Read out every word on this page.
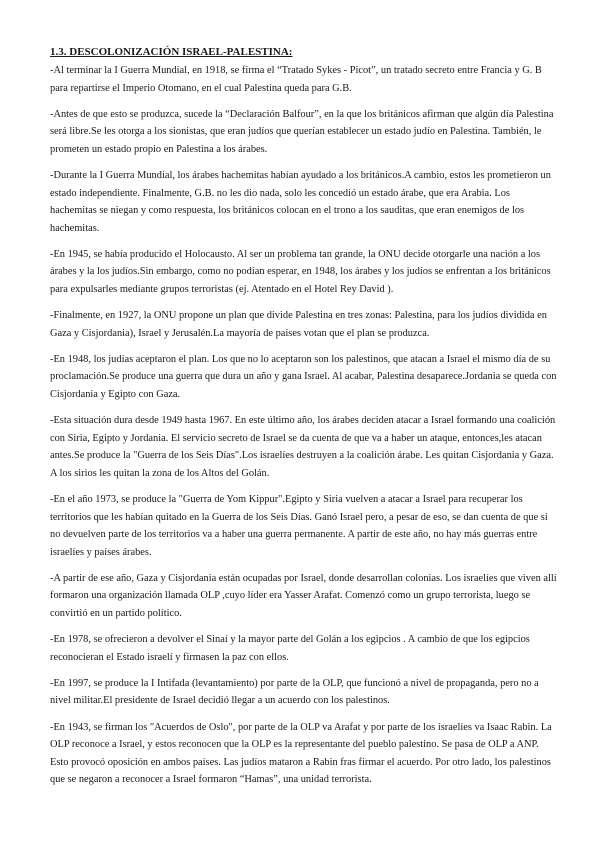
1.3. DESCOLONIZACIÓN ISRAEL-PALESTINA:

-Al terminar la I Guerra Mundial, en 1918, se firma el “Tratado Sykes - Picot”, un tratado secreto entre Francia y G. B para repartirse el Imperio Otomano, en el cual Palestina queda para G.B.

-Antes de que esto se produzca, sucede la “Declaración Balfour”, en la que los británicos afirman que algún día Palestina será libre.Se les otorga a los sionistas, que eran judíos que querían establecer un estado judío en Palestina. También, le prometen un estado propio en Palestina a los árabes.

-Durante la I Guerra Mundial, los árabes hachemitas habían ayudado a los británicos.A cambio, estos les prometieron un estado independiente. Finalmente, G.B. no les dio nada, solo les concedió un estado árabe, que era Arabia. Los hachemitas se niegan y como respuesta, los británicos colocan en el trono a los sauditas, que eran enemigos de los hachemitas.

-En 1945, se había producido el Holocausto. Al ser un problema tan grande, la ONU decide otorgarle una nación a los árabes y la los judíos.Sin embargo, como no podían esperar, en 1948, los árabes y los judíos se enfrentan a los británicos para expulsarles mediante grupos terroristas (ej. Atentado en el Hotel Rey David ).

-Finalmente, en 1927, la ONU propone un plan que divide Palestina en tres zonas: Palestina, para los judíos dividida en Gaza y Cisjordania), Israel y Jerusalén.La mayoría de países votan que el plan se produzca.

-En 1948, los judías aceptaron el plan. Los que no lo aceptaron son los palestinos, que atacan a Israel el mismo día de su proclamación.Se produce una guerra que dura un año y gana Israel. Al acabar, Palestina desaparece.Jordania se queda con Cisjordania y Egipto con Gaza.

-Esta situación dura desde 1949 hasta 1967. En este último año, los árabes deciden atacar a Israel formando una coalición con Siria, Egipto y Jordania. El servicio secreto de Israel se da cuenta de que va a haber un ataque, entonces,les atacan antes.Se produce la "Guerra de los Seis Días".Los israelíes destruyen a la coalición árabe. Les quitan Cisjordania y Gaza. A los sirios les quitan la zona de los Altos del Golán.

-En el año 1973, se produce la "Guerra de Yom Kippur".Egipto y Siria vuelven a atacar a Israel para recuperar los territorios que les habían quitado en la Guerra de los Seis Días. Ganó Israel pero, a pesar de eso, se dan cuenta de que si no devuelven parte de los territorios va a haber una guerra permanente. A partir de este año, no hay más guerras entre israelíes y países árabes.

-A partir de ese año, Gaza y Cisjordania están ocupadas por Israel, donde desarrollan colonias. Los israelíes que viven allí formaron una organización llamada OLP ,cuyo líder era Yasser Arafat. Comenzó como un grupo terrorista, luego se convirtió en un partido político.

-En 1978, se ofrecieron a devolver el Sinaí y la mayor parte del Golán a los egipcios . A cambio de que los egipcios reconocieran el Estado israelí y firmasen la paz con ellos.

-En 1997, se produce la I Intifada (levantamiento) por parte de la OLP, que funcionó a nivel de propaganda, pero no a nivel militar.El presidente de Israel decidió llegar a un acuerdo con los palestinos.

-En 1943, se firman los "Acuerdos de Oslo", por parte de la OLP va Arafat y por parte de los israelíes va Isaac Rabin. La OLP reconoce a Israel, y estos reconocen que la OLP es la representante del pueblo palestino. Se pasa de OLP a ANP. Esto provocó oposición en ambos países. Las judíos mataron a Rabin fras firmar el acuerdo. Por otro lado, los palestinos que se negaron a reconocer a Israel formaron “Hamas”, una unidad terrorista.
